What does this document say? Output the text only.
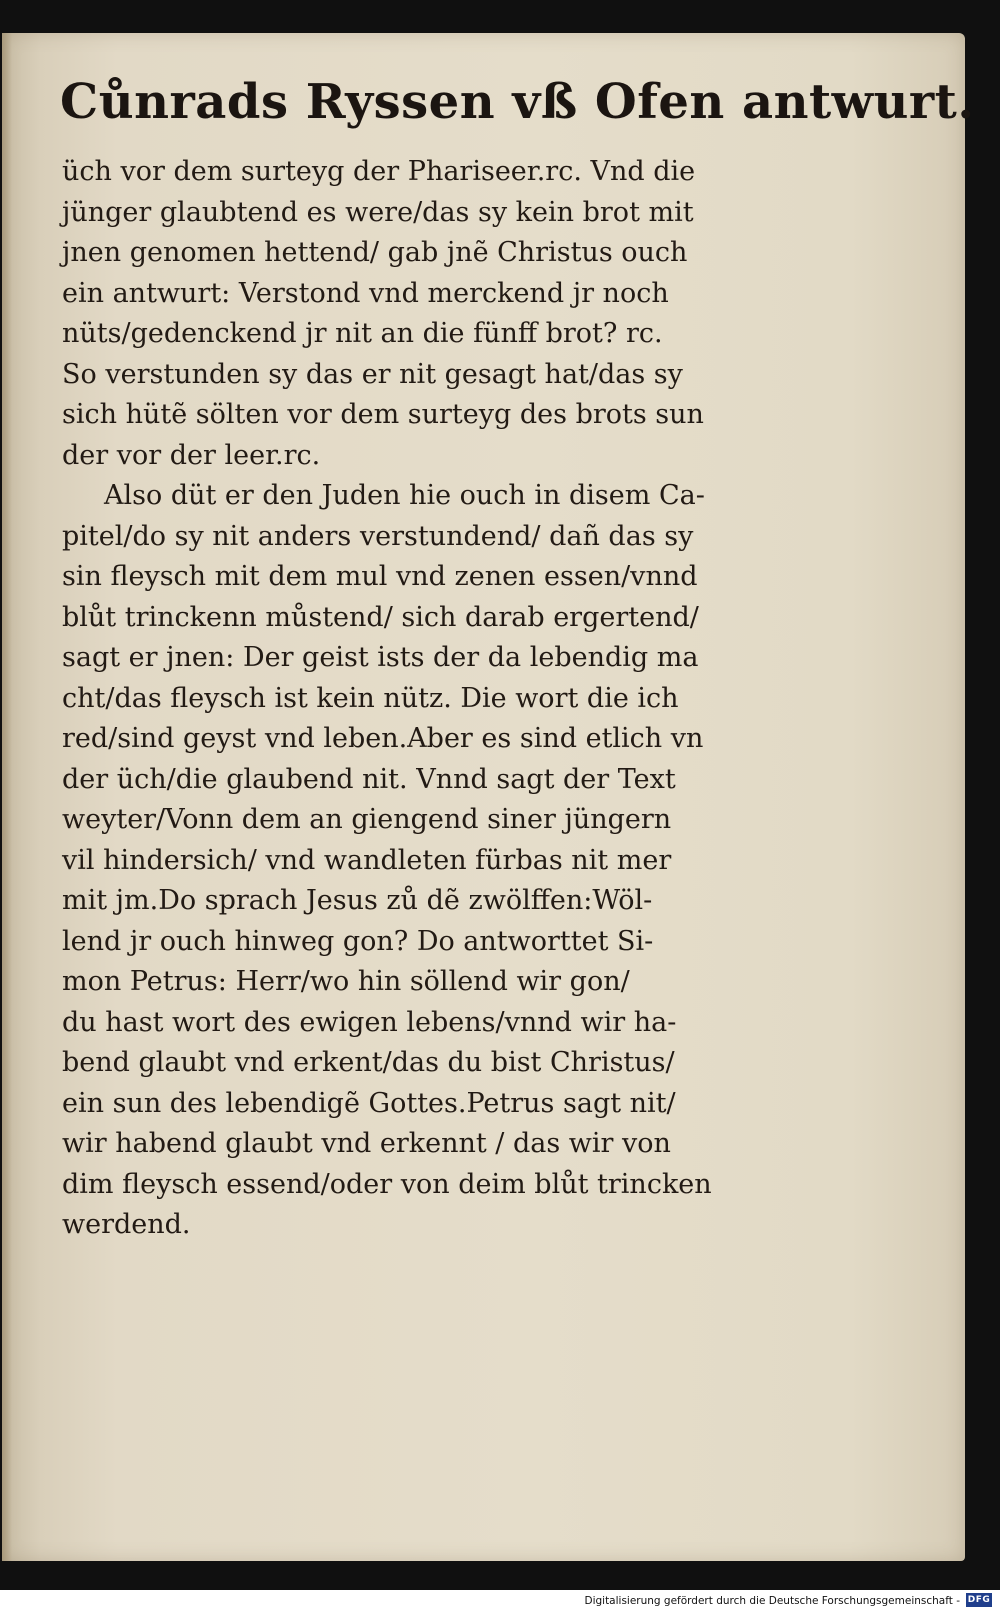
Cůnrads Ryssen vß Ofen antwurt.
üch vor dem surteyg der Phariseer.rc. Vnd die
jünger glaubtend es were/das sy kein brot mit
jnen genomen hettend/ gab jnẽ Christus ouch
ein antwurt: Verstond vnd merckend jr noch
nüts/gedenckend jr nit an die fünff brot? rc.
So verstunden sy das er nit gesagt hat/das sy
sich hütẽ sölten vor dem surteyg des brots sun
der vor der leer.rc.
Also düt er den Juden hie ouch in disem Ca-
pitel/do sy nit anders verstundend/ dañ das sy
sin fleysch mit dem mul vnd zenen essen/vnnd
blůt trinckenn můstend/ sich darab ergertend/
sagt er jnen: Der geist ists der da lebendig ma
cht/das fleysch ist kein nütz. Die wort die ich
red/sind geyst vnd leben.Aber es sind etlich vn
der üch/die glaubend nit. Vnnd sagt der Text
weyter/Vonn dem an giengend siner jüngern
vil hindersich/ vnd wandleten fürbas nit mer
mit jm.Do sprach Jesus zů dẽ zwölffen:Wöl-
lend jr ouch hinweg gon? Do antworttet Si-
mon Petrus: Herr/wo hin söllend wir gon/
du hast wort des ewigen lebens/vnnd wir ha-
bend glaubt vnd erkent/das du bist Christus/
ein sun des lebendigẽ Gottes.Petrus sagt nit/
wir habend glaubt vnd erkennt / das wir von
dim fleysch essend/oder von deim blůt trincken
werdend.
Digitalisierung gefördert durch die Deutsche Forschungsgemeinschaft - DFG
